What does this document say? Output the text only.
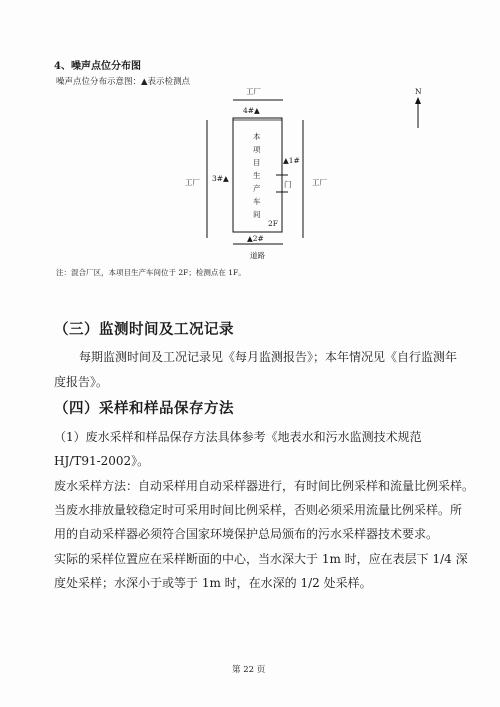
4、噪声点位分布图
噪声点位分布示意图：▲表示检测点
工厂
4#▲
工厂 3#▲	工厂
▲1#
本
项
目
生
产
车
间
门
2F
▲2#
道路
N
注：混合厂区，本项目生产车间位于 2F；检测点在 1F。
（三）监测时间及工况记录
每期监测时间及工况记录见《每月监测报告》；本年情况见《自行监测年
度报告》。
（四）采样和样品保存方法
（1）废水采样和样品保存方法具体参考《地表水和污水监测技术规范
HJ/T91-2002》。
废水采样方法：自动采样用自动采样器进行，有时间比例采样和流量比例采样。
当废水排放量较稳定时可采用时间比例采样，否则必须采用流量比例采样。所
用的自动采样器必须符合国家环境保护总局颁布的污水采样器技术要求。
实际的采样位置应在采样断面的中心，当水深大于 1m 时，应在表层下 1/4 深
度处采样；水深小于或等于 1m 时，在水深的 1/2 处采样。
第 22 页
